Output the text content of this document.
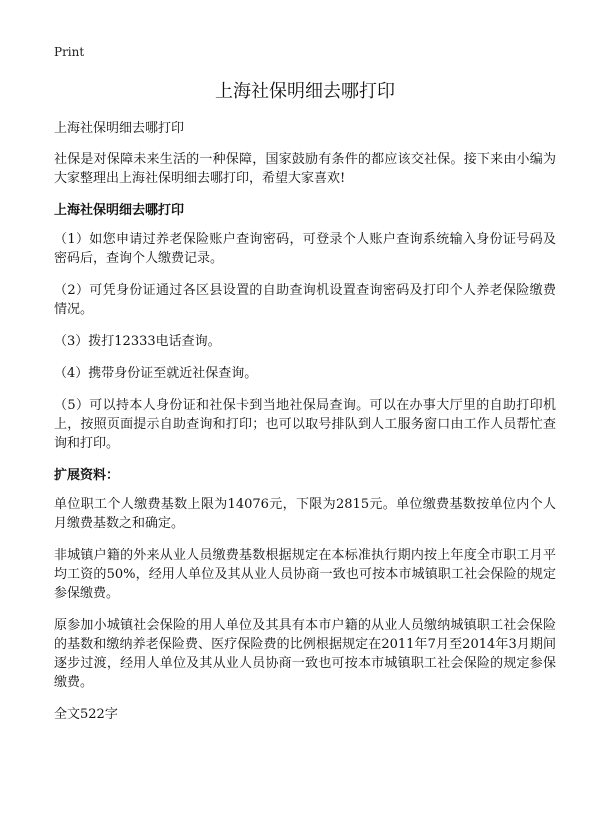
Print
上海社保明细去哪打印
上海社保明细去哪打印

社保是对保障未来生活的一种保障，国家鼓励有条件的都应该交社保。接下来由小编为大家整理出上海社保明细去哪打印，希望大家喜欢!

上海社保明细去哪打印

（1）如您申请过养老保险账户查询密码，可登录个人账户查询系统输入身份证号码及密码后，查询个人缴费记录。

（2）可凭身份证通过各区县设置的自助查询机设置查询密码及打印个人养老保险缴费情况。

（3）拨打12333电话查询。

（4）携带身份证至就近社保查询。

（5）可以持本人身份证和社保卡到当地社保局查询。可以在办事大厅里的自助打印机上，按照页面提示自助查询和打印；也可以取号排队到人工服务窗口由工作人员帮忙查询和打印。

扩展资料：

单位职工个人缴费基数上限为14076元，下限为2815元。单位缴费基数按单位内个人月缴费基数之和确定。

非城镇户籍的外来从业人员缴费基数根据规定在本标准执行期内按上年度全市职工月平均工资的50%，经用人单位及其从业人员协商一致也可按本市城镇职工社会保险的规定参保缴费。

原参加小城镇社会保险的用人单位及其具有本市户籍的从业人员缴纳城镇职工社会保险的基数和缴纳养老保险费、医疗保险费的比例根据规定在2011年7月至2014年3月期间逐步过渡，经用人单位及其从业人员协商一致也可按本市城镇职工社会保险的规定参保缴费。

全文522字
